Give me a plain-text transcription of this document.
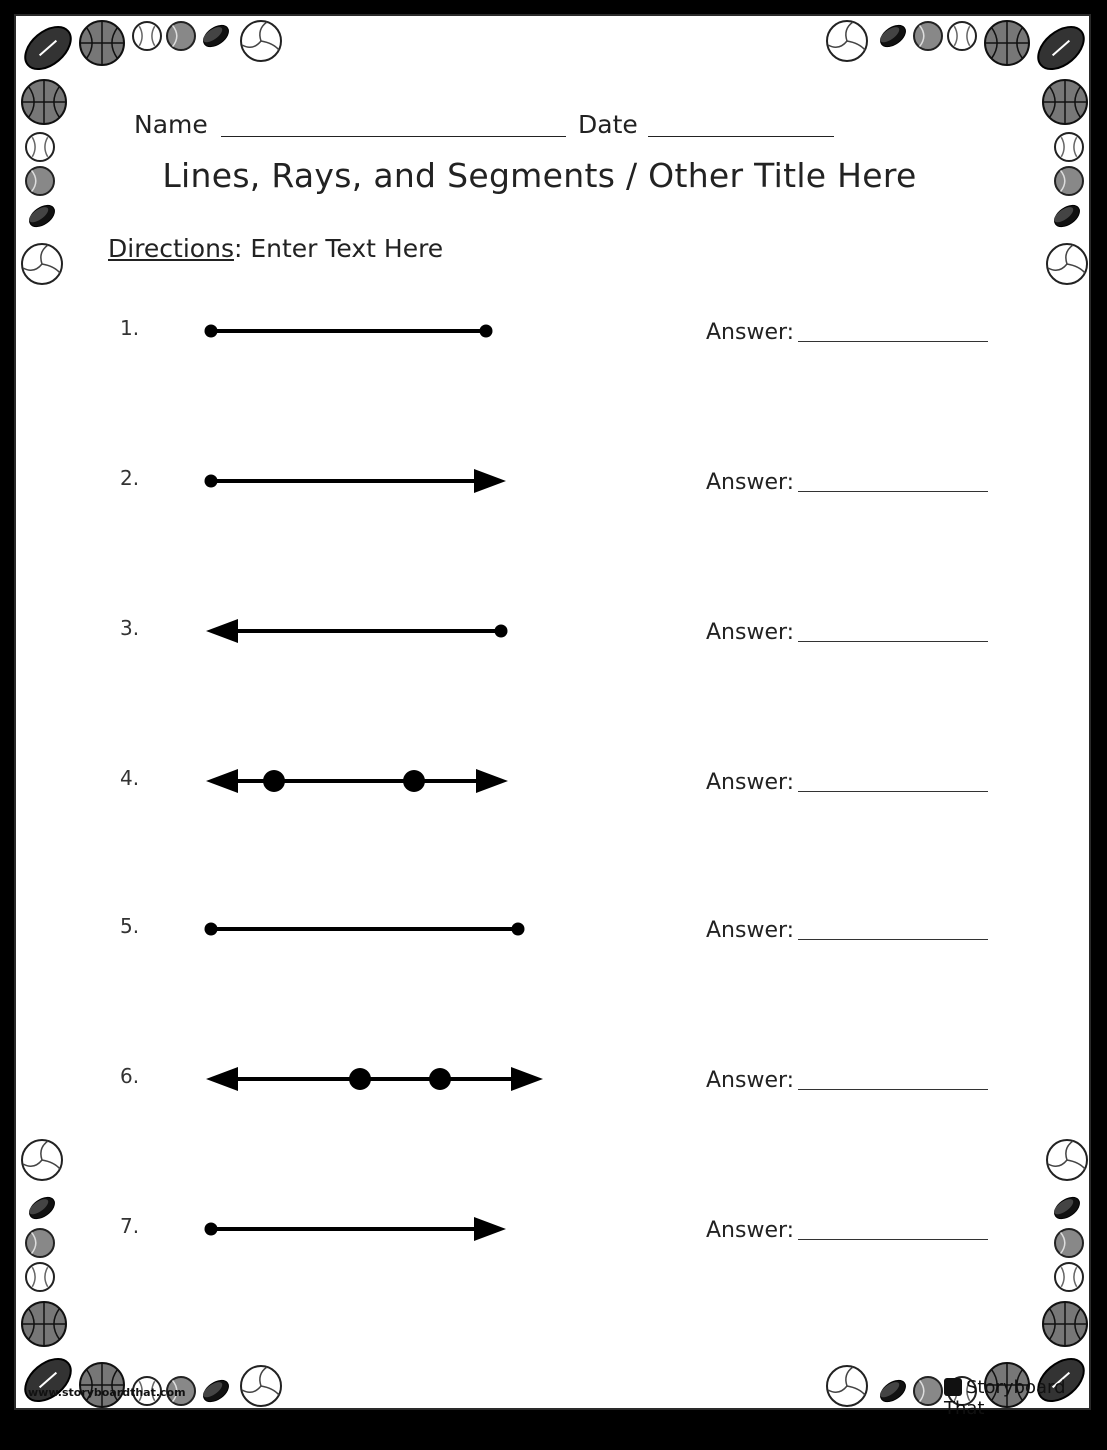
Name	Date
Lines, Rays, and Segments / Other Title Here
Directions: Enter Text Here
1.	Answer:
2.	Answer:
3.	Answer:
4.	Answer:
5.	Answer:
6.	Answer:
7.	Answer:
www.storyboardthat.com	Storyboard That
